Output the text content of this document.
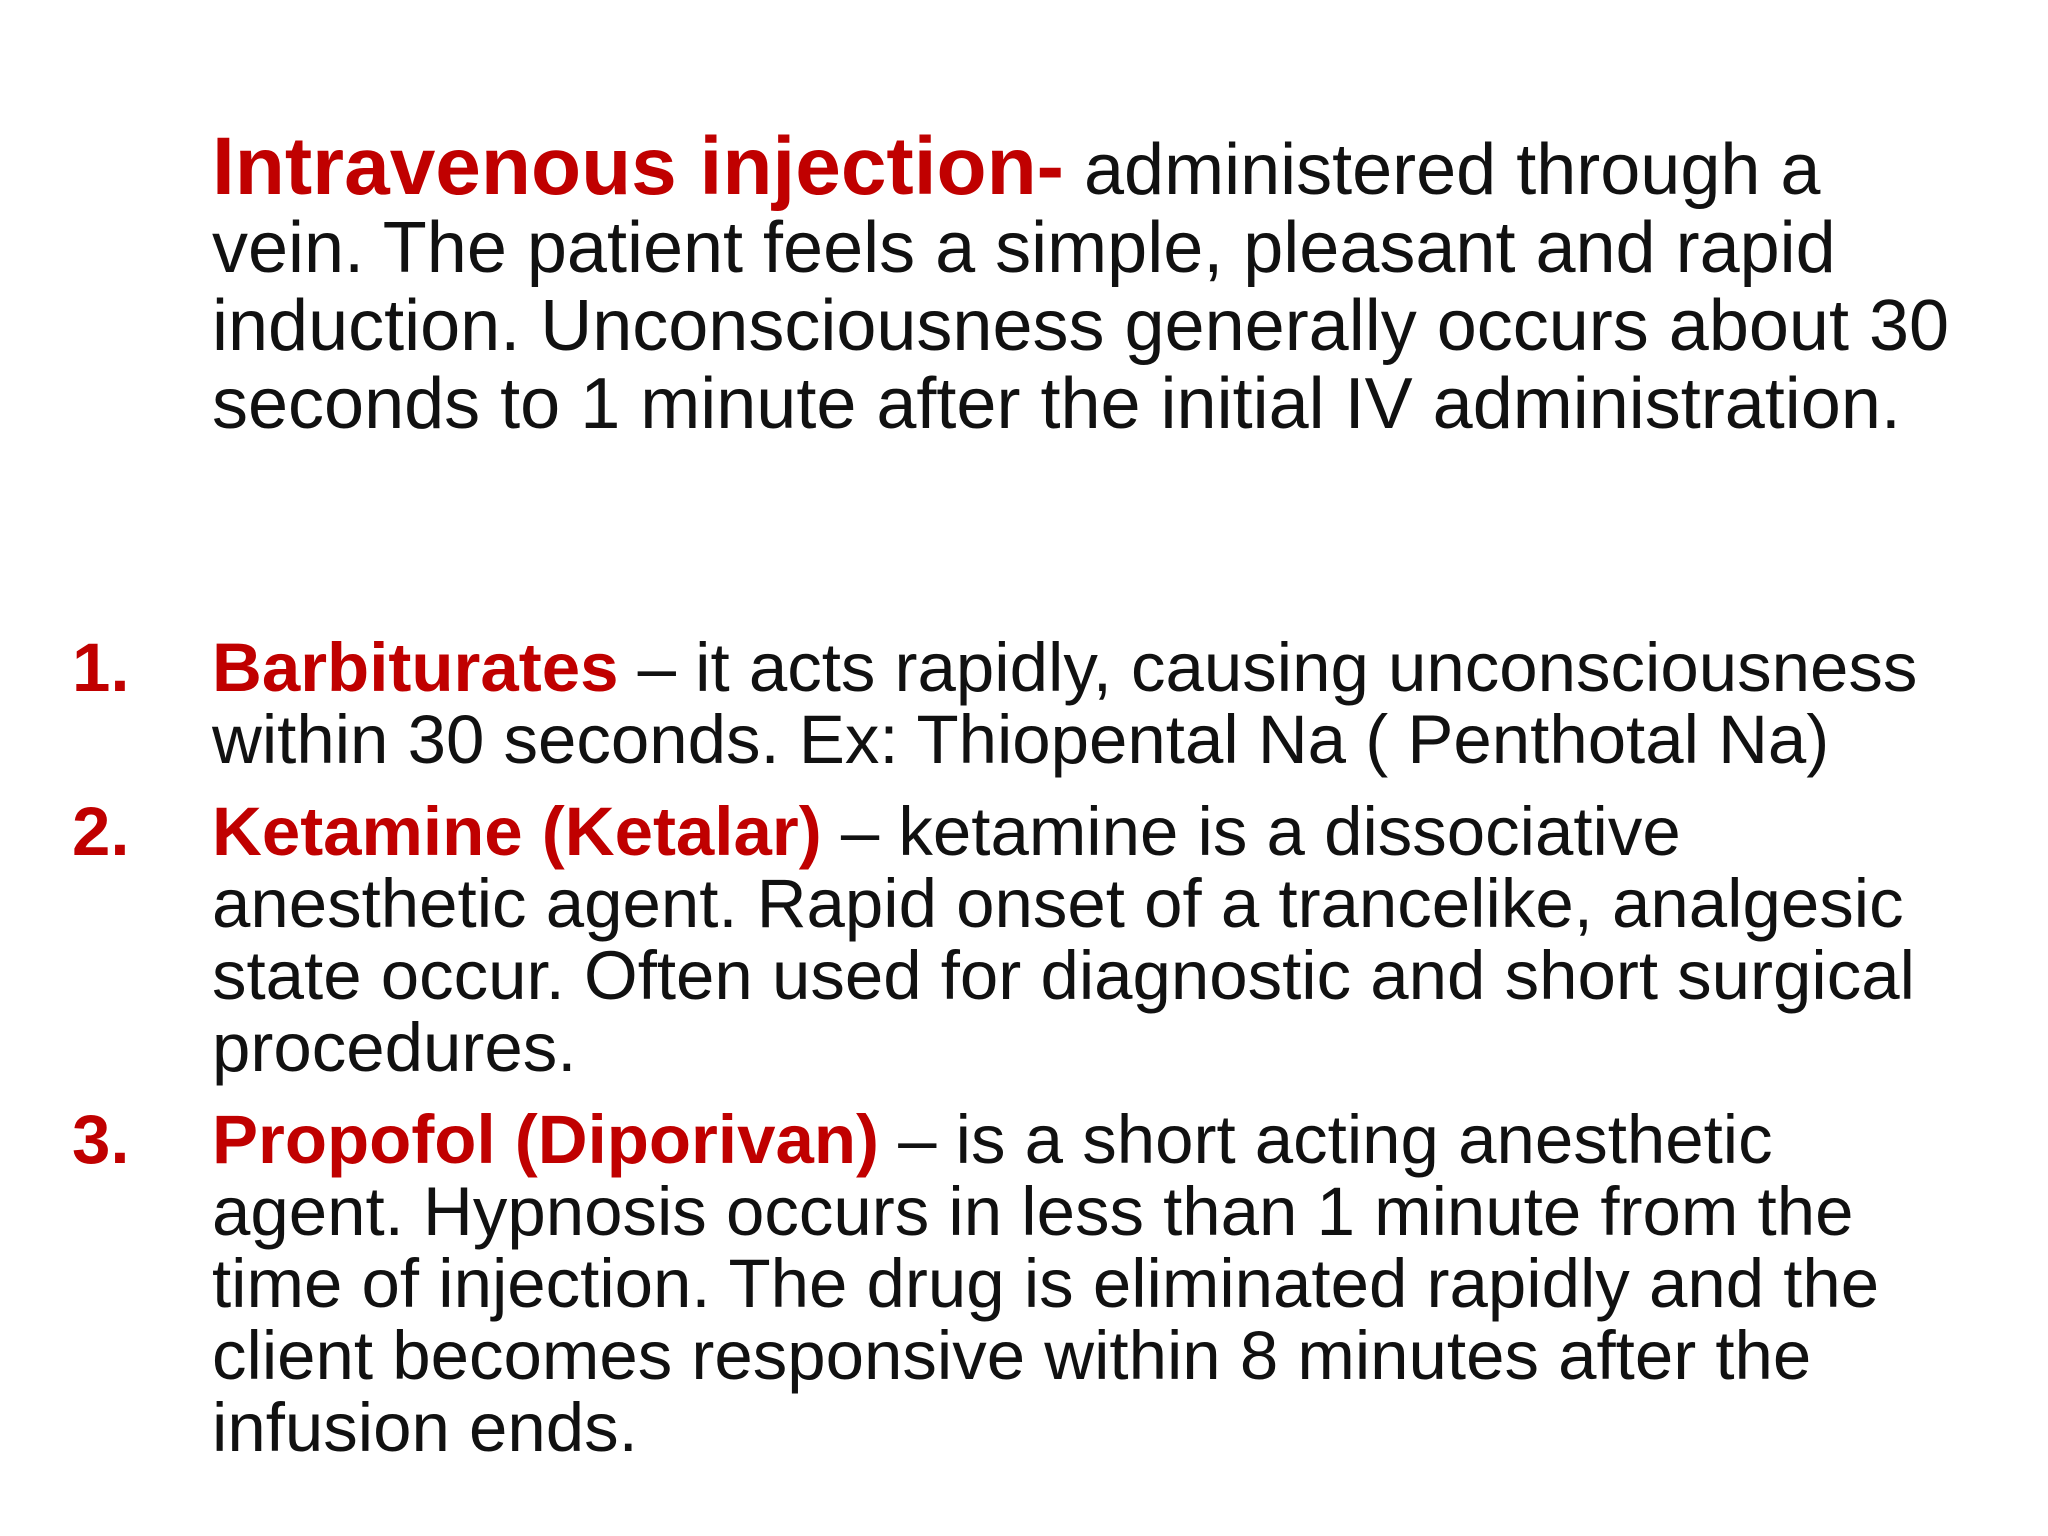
Intravenous injection- administered through a vein. The patient feels a simple, pleasant and rapid induction. Unconsciousness generally occurs about 30 seconds to 1 minute after the initial IV administration.

1. Barbiturates – it acts rapidly, causing unconsciousness within 30 seconds. Ex: Thiopental Na ( Penthotal Na)
2. Ketamine (Ketalar) – ketamine is a dissociative anesthetic agent. Rapid onset of a trancelike, analgesic state occur. Often used for diagnostic and short surgical procedures.
3. Propofol (Diporivan) – is a short acting anesthetic agent. Hypnosis occurs in less than 1 minute from the time of injection. The drug is eliminated rapidly and the client becomes responsive within 8 minutes after the infusion ends.
